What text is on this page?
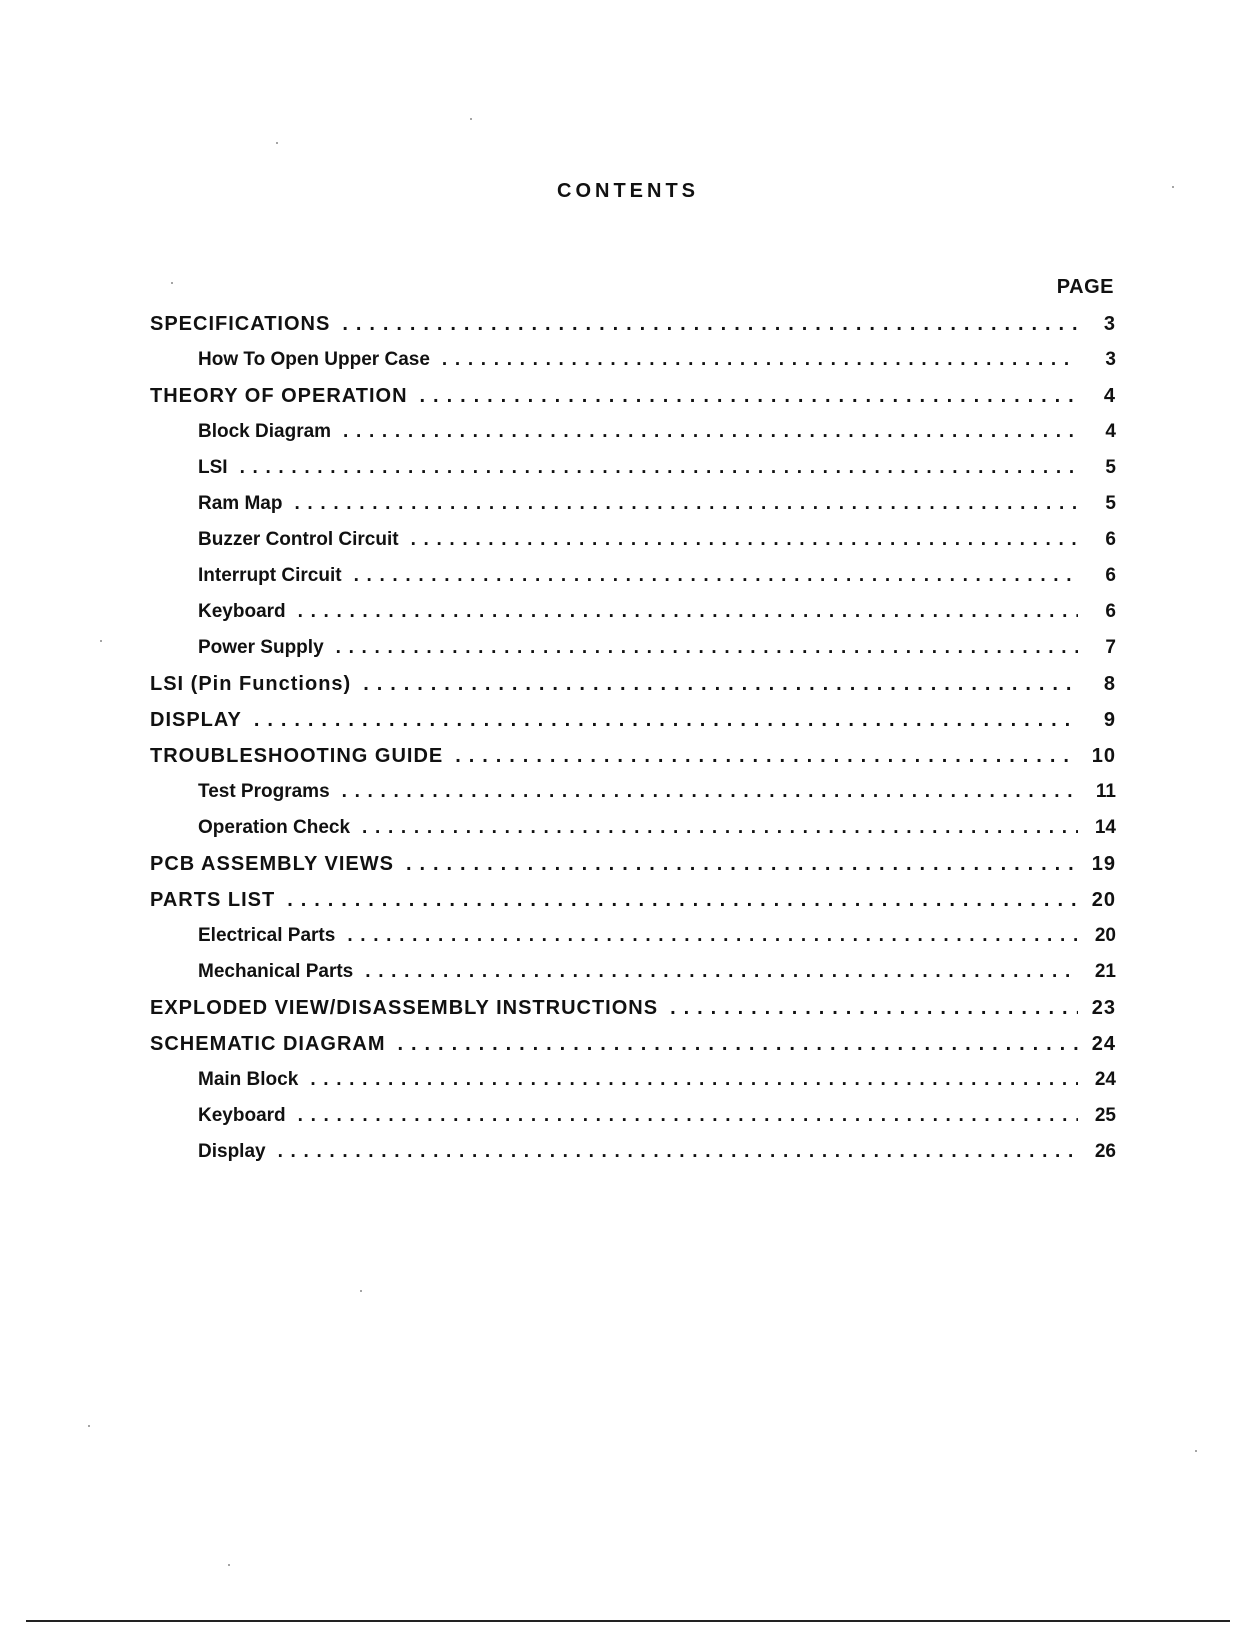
CONTENTS
PAGE
SPECIFICATIONS . . .	3
How To Open Upper Case . . .	3
THEORY OF OPERATION . . .	4
Block Diagram . . .	4
LSI . . .	5
Ram Map . . .	5
Buzzer Control Circuit . . .	6
Interrupt Circuit . . .	6
Keyboard . . .	6
Power Supply . . .	7
LSI (Pin Functions) . . .	8
DISPLAY . . .	9
TROUBLESHOOTING GUIDE . . .	10
Test Programs . . .	11
Operation Check . . .	14
PCB ASSEMBLY VIEWS . . .	19
PARTS LIST . . .	20
Electrical Parts . . .	20
Mechanical Parts . . .	21
EXPLODED VIEW/DISASSEMBLY INSTRUCTIONS . . .	23
SCHEMATIC DIAGRAM . . .	24
Main Block . . .	24
Keyboard . . .	25
Display . . .	26
